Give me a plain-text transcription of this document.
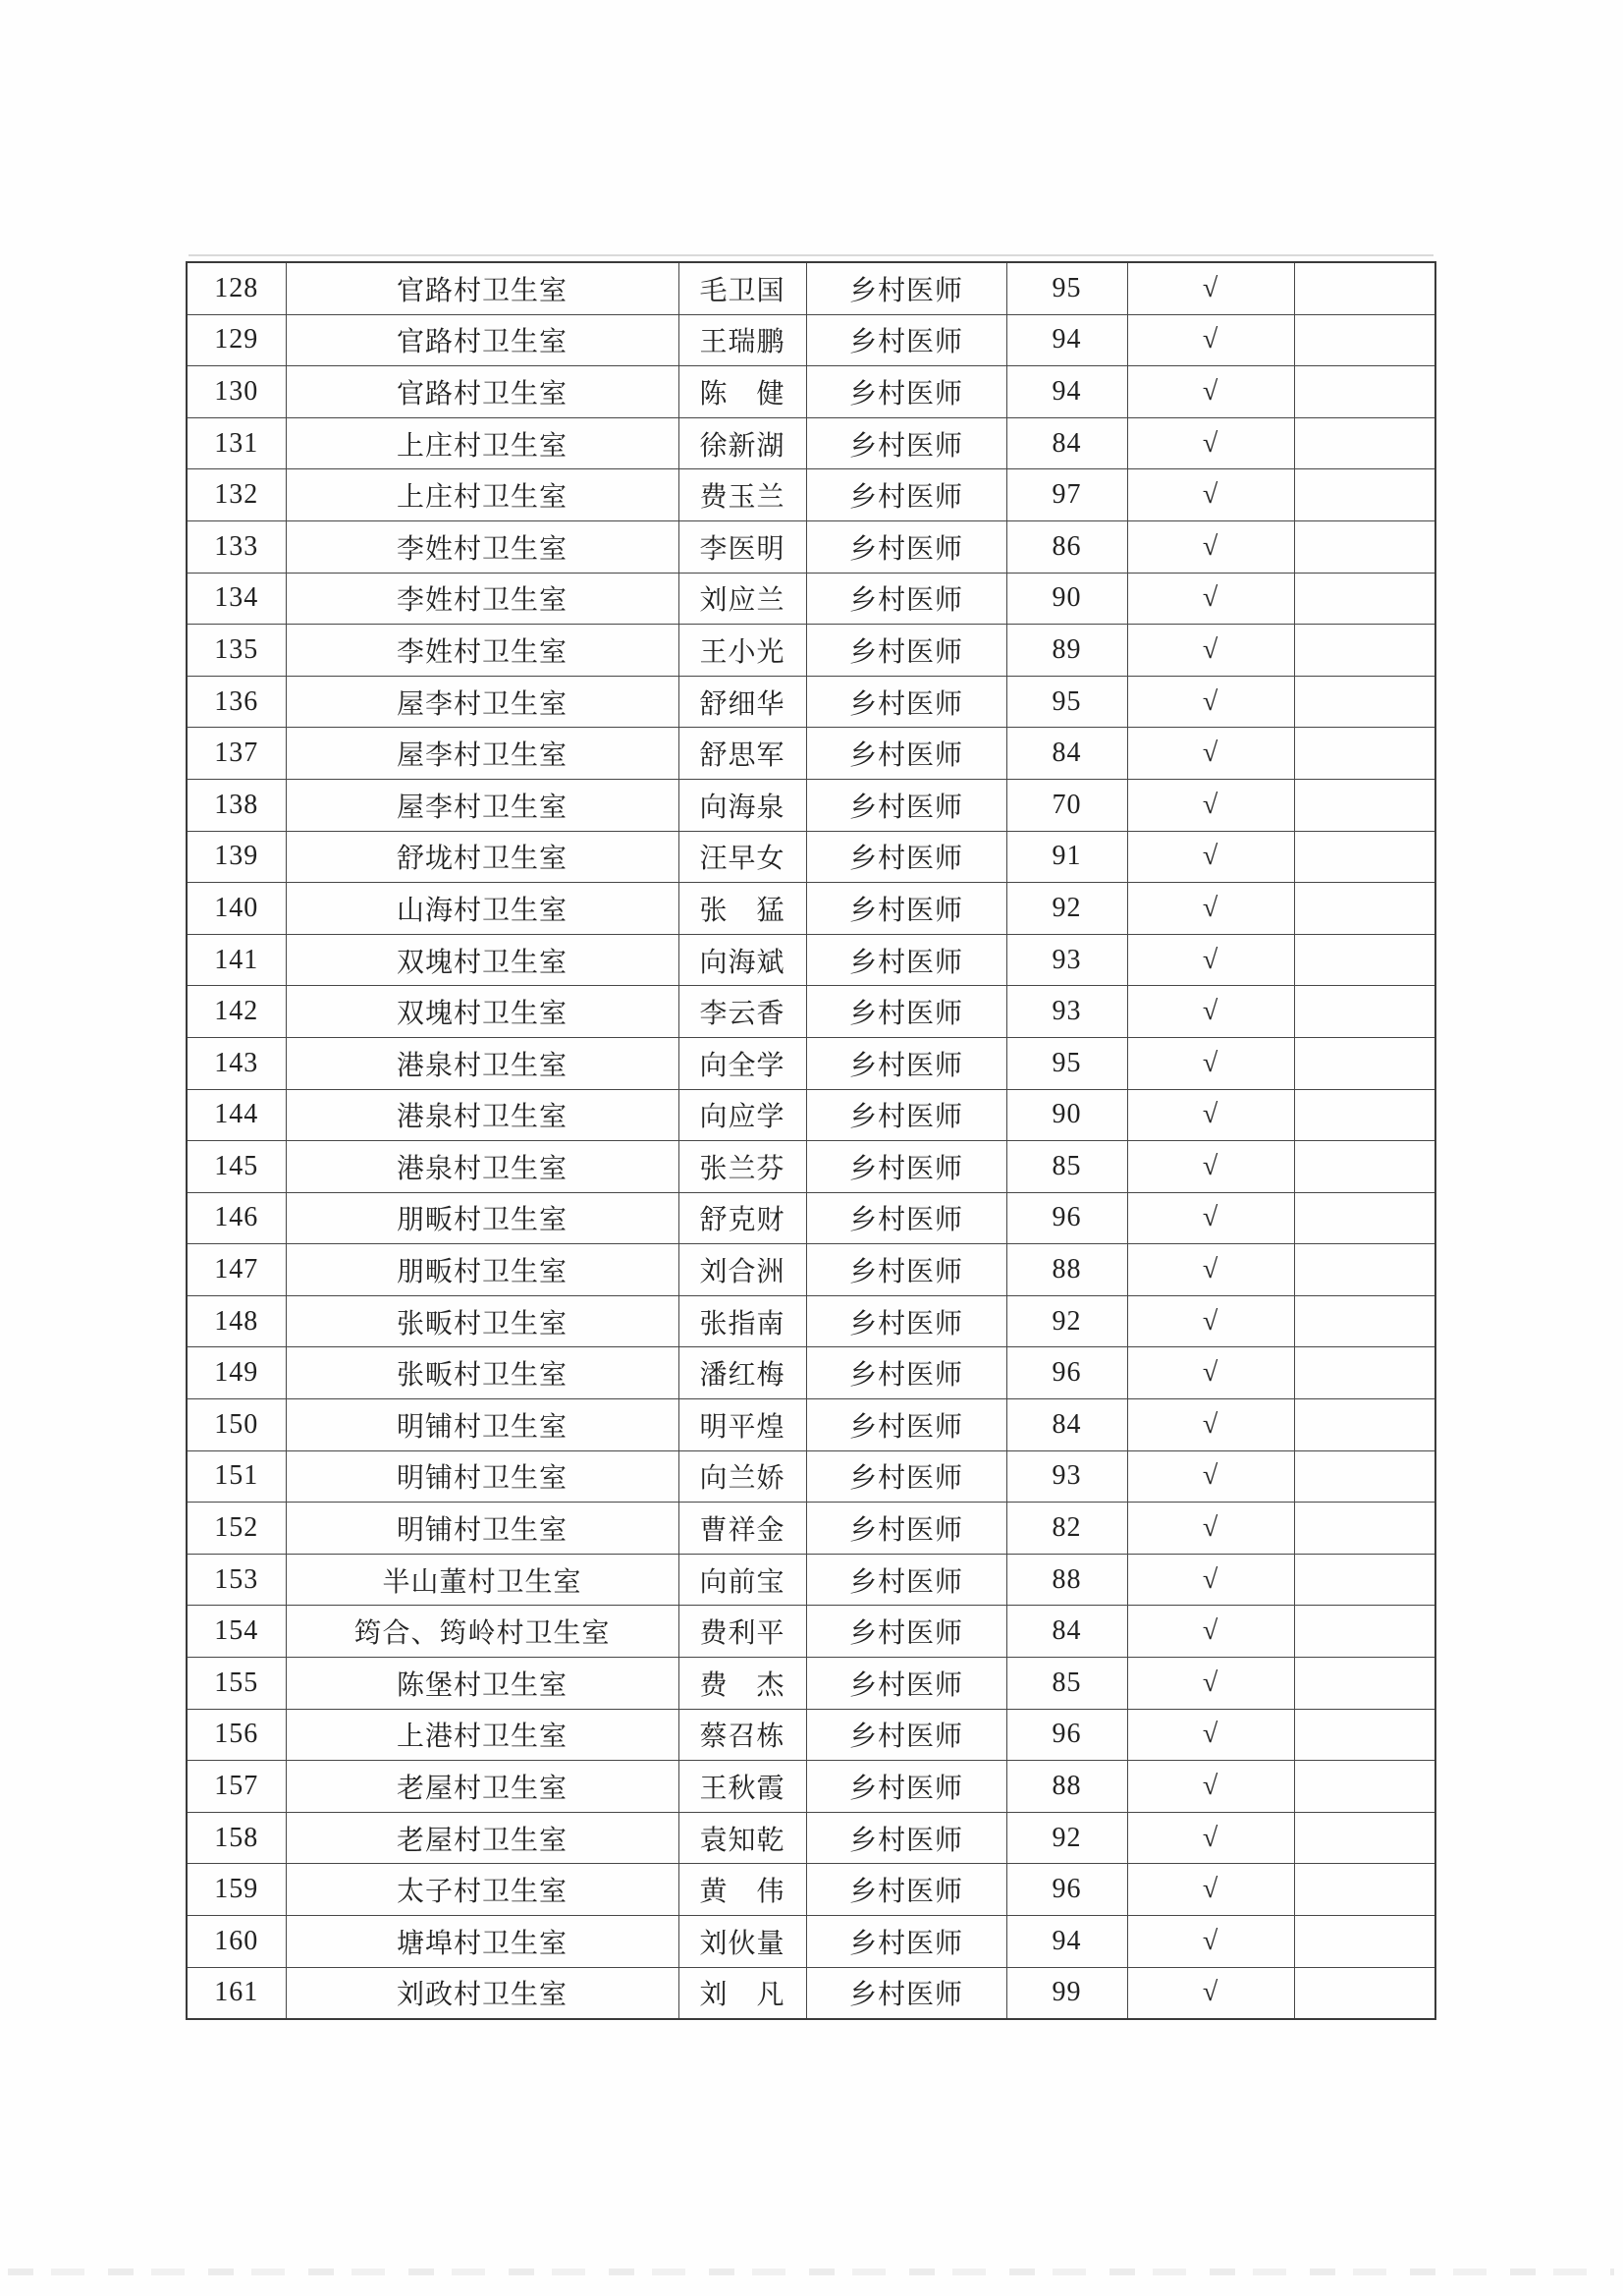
128	官路村卫生室	毛卫国	乡村医师	95	√	
129	官路村卫生室	王瑞鹏	乡村医师	94	√	
130	官路村卫生室	陈　健	乡村医师	94	√	
131	上庄村卫生室	徐新湖	乡村医师	84	√	
132	上庄村卫生室	费玉兰	乡村医师	97	√	
133	李姓村卫生室	李医明	乡村医师	86	√	
134	李姓村卫生室	刘应兰	乡村医师	90	√	
135	李姓村卫生室	王小光	乡村医师	89	√	
136	屋李村卫生室	舒细华	乡村医师	95	√	
137	屋李村卫生室	舒思军	乡村医师	84	√	
138	屋李村卫生室	向海泉	乡村医师	70	√	
139	舒垅村卫生室	汪早女	乡村医师	91	√	
140	山海村卫生室	张　猛	乡村医师	92	√	
141	双塊村卫生室	向海斌	乡村医师	93	√	
142	双塊村卫生室	李云香	乡村医师	93	√	
143	港泉村卫生室	向全学	乡村医师	95	√	
144	港泉村卫生室	向应学	乡村医师	90	√	
145	港泉村卫生室	张兰芬	乡村医师	85	√	
146	朋畈村卫生室	舒克财	乡村医师	96	√	
147	朋畈村卫生室	刘合洲	乡村医师	88	√	
148	张畈村卫生室	张指南	乡村医师	92	√	
149	张畈村卫生室	潘红梅	乡村医师	96	√	
150	明铺村卫生室	明平煌	乡村医师	84	√	
151	明铺村卫生室	向兰娇	乡村医师	93	√	
152	明铺村卫生室	曹祥金	乡村医师	82	√	
153	半山董村卫生室	向前宝	乡村医师	88	√	
154	筠合、筠岭村卫生室	费利平	乡村医师	84	√	
155	陈堡村卫生室	费　杰	乡村医师	85	√	
156	上港村卫生室	蔡召栋	乡村医师	96	√	
157	老屋村卫生室	王秋霞	乡村医师	88	√	
158	老屋村卫生室	袁知乾	乡村医师	92	√	
159	太子村卫生室	黄　伟	乡村医师	96	√	
160	塘埠村卫生室	刘伙量	乡村医师	94	√	
161	刘政村卫生室	刘　凡	乡村医师	99	√	
